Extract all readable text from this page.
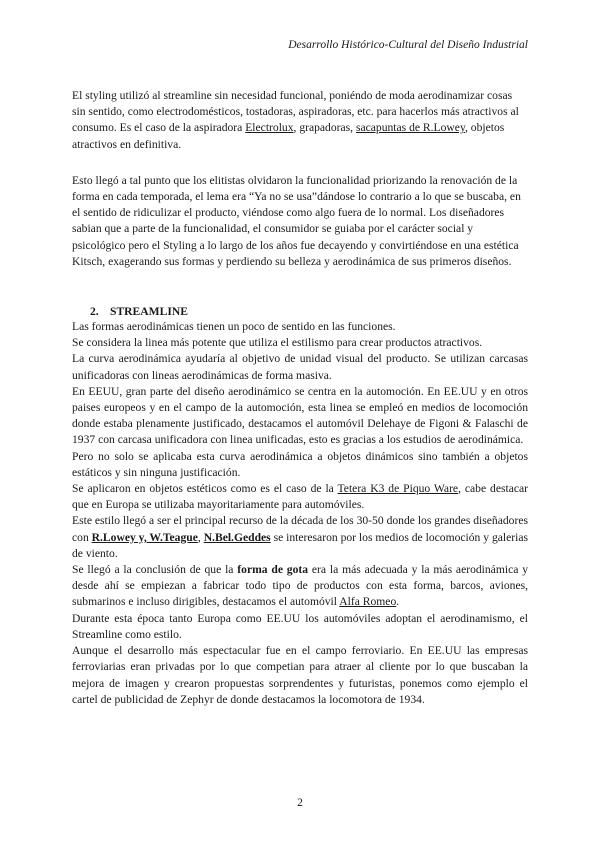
Desarrollo Histórico-Cultural del Diseño Industrial

El styling utilizó al streamline sin necesidad funcional, poniéndo de moda aerodinamizar cosas sin sentido, como electrodomésticos, tostadoras, aspiradoras, etc. para hacerlos más atractivos al consumo. Es el caso de la aspiradora Electrolux, grapadoras, sacapuntas de R.Lowey, objetos atractivos en definitiva.

Esto llegó a tal punto que los elitistas olvidaron la funcionalidad priorizando la renovación de la forma en cada temporada, el lema era “Ya no se usa”dándose lo contrario a lo que se buscaba, en el sentido de ridiculizar el producto, viéndose como algo fuera de lo normal. Los diseñadores sabian que a parte de la funcionalidad, el consumidor se guiaba por el carácter social y psicológico pero el Styling a lo largo de los años fue decayendo y convirtiéndose en una estética Kitsch, exagerando sus formas y perdiendo su belleza y aerodinámica de sus primeros diseños.

2. STREAMLINE

Las formas aerodinámicas tienen un poco de sentido en las funciones.

Se considera la linea más potente que utiliza el estilismo para crear productos atractivos.

La curva aerodinámica ayudaría al objetivo de unidad visual del producto. Se utilizan carcasas unificadoras con lineas aerodinámicas de forma masiva.

En EEUU, gran parte del diseño aerodinámico se centra en la automoción. En EE.UU y en otros paises europeos y en el campo de la automoción, esta linea se empleó en medios de locomoción donde estaba plenamente justificado, destacamos el automóvil Delehaye de Figoni & Falaschi de 1937 con carcasa unificadora con linea unificadas, esto es gracias a los estudios de aerodinámica.

Pero no solo se aplicaba esta curva aerodinámica a objetos dinámicos sino también a objetos estáticos y sin ninguna justificación.

Se aplicaron en objetos estéticos como es el caso de la Tetera K3 de Piquo Ware, cabe destacar que en Europa se utilizaba mayoritariamente para automóviles.

Este estilo llegó a ser el principal recurso de la década de los 30-50 donde los grandes diseñadores con R.Lowey y, W.Teague, N.Bel.Geddes se interesaron por los medios de locomoción y galerias de viento.

Se llegó a la conclusión de que la forma de gota era la más adecuada y la más aerodinámica y desde ahí se empiezan a fabricar todo tipo de productos con esta forma, barcos, aviones, submarinos e incluso dirigibles, destacamos el automóvil Alfa Romeo.

Durante esta época tanto Europa como EE.UU los automóviles adoptan el aerodinamismo, el Streamline como estilo.

Aunque el desarrollo más espectacular fue en el campo ferroviario. En EE.UU las empresas ferroviarias eran privadas por lo que competian para atraer al cliente por lo que buscaban la mejora de imagen y crearon propuestas sorprendentes y futuristas, ponemos como ejemplo el cartel de publicidad de Zephyr de donde destacamos la locomotora de 1934.

2
